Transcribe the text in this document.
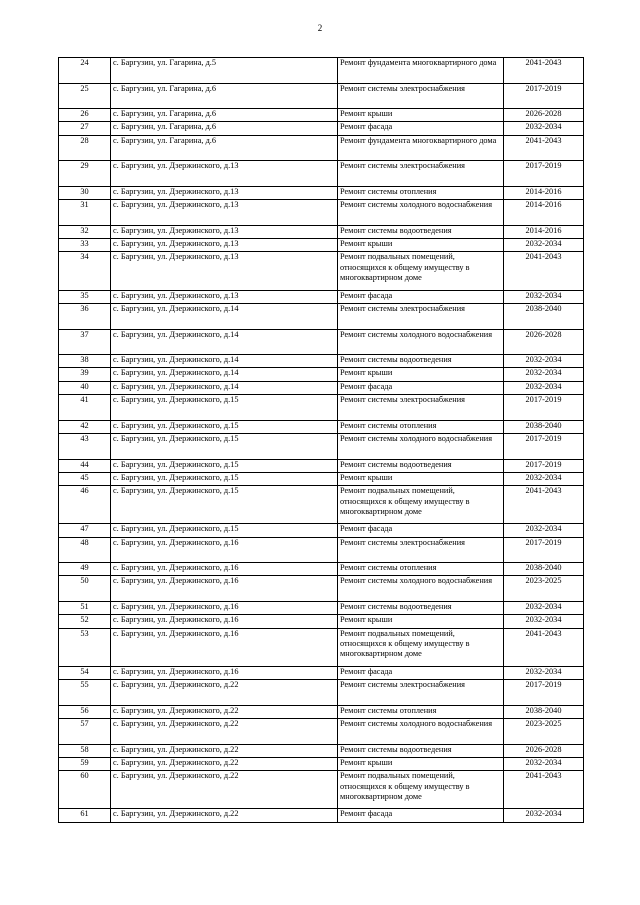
2
24	с. Баргузин, ул. Гагарина, д.5	Ремонт фундамента многоквартирного дома	2041-2043
25	с. Баргузин, ул. Гагарина, д.6	Ремонт системы электроснабжения	2017-2019
26	с. Баргузин, ул. Гагарина, д.6	Ремонт крыши	2026-2028
27	с. Баргузин, ул. Гагарина, д.6	Ремонт фасада	2032-2034
28	с. Баргузин, ул. Гагарина, д.6	Ремонт фундамента многоквартирного дома	2041-2043
29	с. Баргузин, ул. Дзержинского, д.13	Ремонт системы электроснабжения	2017-2019
30	с. Баргузин, ул. Дзержинского, д.13	Ремонт системы отопления	2014-2016
31	с. Баргузин, ул. Дзержинского, д.13	Ремонт системы холодного водоснабжения	2014-2016
32	с. Баргузин, ул. Дзержинского, д.13	Ремонт системы водоотведения	2014-2016
33	с. Баргузин, ул. Дзержинского, д.13	Ремонт крыши	2032-2034
34	с. Баргузин, ул. Дзержинского, д.13	Ремонт подвальных помещений, относящихся к общему имуществу в многоквартирном доме	2041-2043
35	с. Баргузин, ул. Дзержинского, д.13	Ремонт фасада	2032-2034
36	с. Баргузин, ул. Дзержинского, д.14	Ремонт системы электроснабжения	2038-2040
37	с. Баргузин, ул. Дзержинского, д.14	Ремонт системы холодного водоснабжения	2026-2028
38	с. Баргузин, ул. Дзержинского, д.14	Ремонт системы водоотведения	2032-2034
39	с. Баргузин, ул. Дзержинского, д.14	Ремонт крыши	2032-2034
40	с. Баргузин, ул. Дзержинского, д.14	Ремонт фасада	2032-2034
41	с. Баргузин, ул. Дзержинского, д.15	Ремонт системы электроснабжения	2017-2019
42	с. Баргузин, ул. Дзержинского, д.15	Ремонт системы отопления	2038-2040
43	с. Баргузин, ул. Дзержинского, д.15	Ремонт системы холодного водоснабжения	2017-2019
44	с. Баргузин, ул. Дзержинского, д.15	Ремонт системы водоотведения	2017-2019
45	с. Баргузин, ул. Дзержинского, д.15	Ремонт крыши	2032-2034
46	с. Баргузин, ул. Дзержинского, д.15	Ремонт подвальных помещений, относящихся к общему имуществу в многоквартирном доме	2041-2043
47	с. Баргузин, ул. Дзержинского, д.15	Ремонт фасада	2032-2034
48	с. Баргузин, ул. Дзержинского, д.16	Ремонт системы электроснабжения	2017-2019
49	с. Баргузин, ул. Дзержинского, д.16	Ремонт системы отопления	2038-2040
50	с. Баргузин, ул. Дзержинского, д.16	Ремонт системы холодного водоснабжения	2023-2025
51	с. Баргузин, ул. Дзержинского, д.16	Ремонт системы водоотведения	2032-2034
52	с. Баргузин, ул. Дзержинского, д.16	Ремонт крыши	2032-2034
53	с. Баргузин, ул. Дзержинского, д.16	Ремонт подвальных помещений, относящихся к общему имуществу в многоквартирном доме	2041-2043
54	с. Баргузин, ул. Дзержинского, д.16	Ремонт фасада	2032-2034
55	с. Баргузин, ул. Дзержинского, д.22	Ремонт системы электроснабжения	2017-2019
56	с. Баргузин, ул. Дзержинского, д.22	Ремонт системы отопления	2038-2040
57	с. Баргузин, ул. Дзержинского, д.22	Ремонт системы холодного водоснабжения	2023-2025
58	с. Баргузин, ул. Дзержинского, д.22	Ремонт системы водоотведения	2026-2028
59	с. Баргузин, ул. Дзержинского, д.22	Ремонт крыши	2032-2034
60	с. Баргузин, ул. Дзержинского, д.22	Ремонт подвальных помещений, относящихся к общему имуществу в многоквартирном доме	2041-2043
61	с. Баргузин, ул. Дзержинского, д.22	Ремонт фасада	2032-2034
